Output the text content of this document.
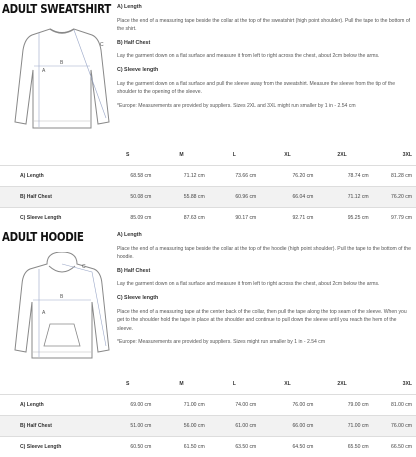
ADULT SWEATSHIRT
A
B
C

A) Length

Place the end of a measuring tape beside the collar at the top of the sweatshirt (high point shoulder). Pull the tape to the bottom of the shirt.

B) Half Chest

Lay the garment down on a flat surface and measure it from left to right across the chest, about 2cm below the arms.

C) Sleeve length

Lay the garment down on a flat surface and pull the sleeve away from the sweatshirt. Measure the sleeve from the tip of the shoulder to the opening of the sleeve.

*Europe: Measurements are provided by suppliers. Sizes 2XL and 3XL might run smaller by 1 in - 2.54 cm

	S	M	L	XL	2XL	3XL
A) Length	68.58 cm	71.12 cm	73.66 cm	76.20 cm	78.74 cm	81.28 cm
B) Half Chest	50.08 cm	55.88 cm	60.96 cm	66.04 cm	71.12 cm	76.20 cm
C) Sleeve Length	85.09 cm	87.63 cm	90.17 cm	92.71 cm	95.25 cm	97.79 cm
ADULT HOODIE
A
B
C

A) Length

Place the end of a measuring tape beside the collar at the top of the hoodie (high point shoulder). Pull the tape to the bottom of the hoodie.

B) Half Chest

Lay the garment down on a flat surface and measure it from left to right across the chest, about 2cm below the arms.

C) Sleeve length

Place the end of a measuring tape at the center back of the collar, then pull the tape along the top seam of the sleeve. When you get to the shoulder hold the tape in place at the shoulder and continue to pull down the sleeve until you reach the hem of the sleeve.

*Europe: Measurements are provided by suppliers. Sizes might run smaller by 1 in - 2.54 cm

	S	M	L	XL	2XL	3XL
A) Length	69.00 cm	71.00 cm	74.00 cm	76.00 cm	79.00 cm	81.00 cm
B) Half Chest	51.00 cm	56.00 cm	61.00 cm	66.00 cm	71.00 cm	76.00 cm
C) Sleeve Length	60.50 cm	61.50 cm	63.50 cm	64.50 cm	65.50 cm	66.50 cm
